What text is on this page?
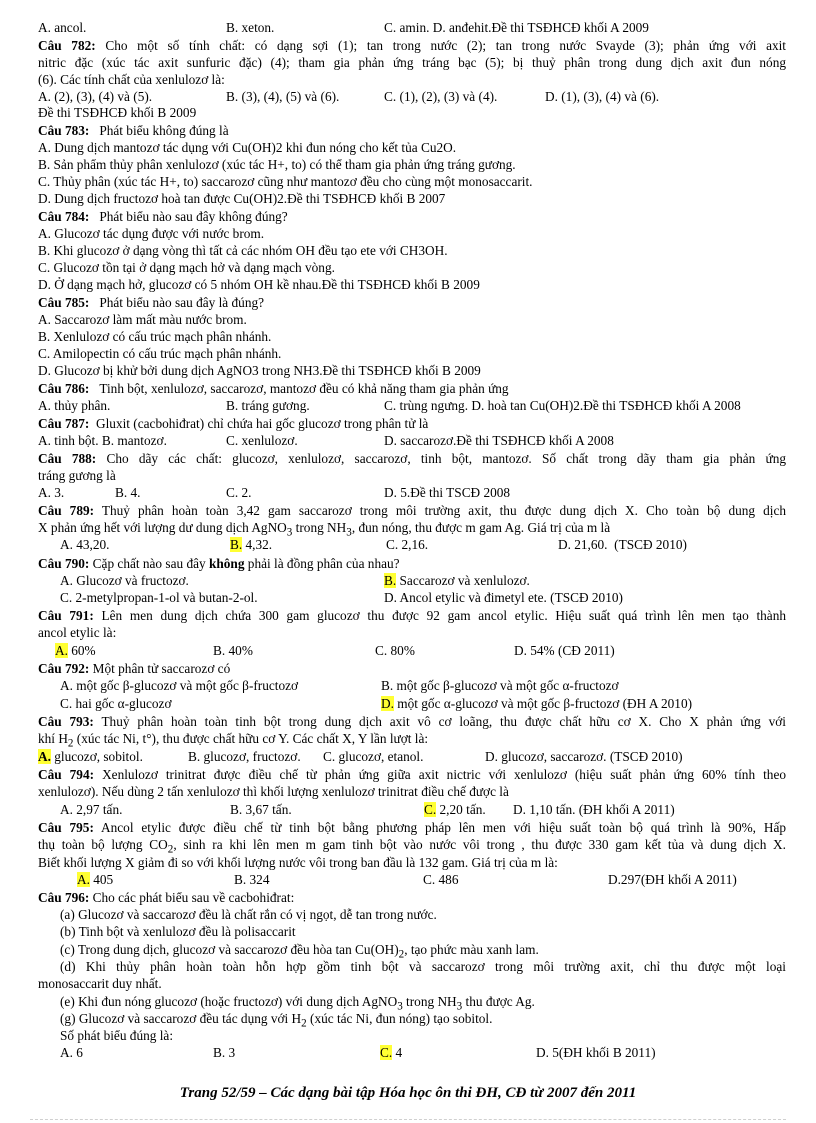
A. ancol.	B. xeton.	C. amin. D. anđehit.Đề thi TSĐHCĐ khối A 2009
Câu 782: Cho một số tính chất: có dạng sợi (1); tan trong nước (2); tan trong nước Svayde (3); phản ứng với axit
nitric đặc (xúc tác axit sunfuric đặc) (4); tham gia phản ứng tráng bạc (5); bị thuỷ phân trong dung dịch axit đun nóng
(6). Các tính chất của xenlulozơ là:
A. (2), (3), (4) và (5).	B. (3), (4), (5) và (6).	C. (1), (2), (3) và (4).	D. (1), (3), (4) và (6).
Đề thi TSĐHCĐ khối B 2009
Câu 783: Phát biểu không đúng là
A. Dung dịch mantozơ tác dụng với Cu(OH)2 khi đun nóng cho kết tủa Cu2O.
B. Sản phẩm thủy phân xenlulozơ (xúc tác H+, to) có thể tham gia phản ứng tráng gương.
C. Thủy phân (xúc tác H+, to) saccarozơ cũng như mantozơ đều cho cùng một monosaccarit.
D. Dung dịch fructozơ hoà tan được Cu(OH)2.Đề thi TSĐHCĐ khối B 2007
Câu 784: Phát biểu nào sau đây không đúng?
A. Glucozơ tác dụng được với nước brom.
B. Khi glucozơ ở dạng vòng thì tất cả các nhóm OH đều tạo ete với CH3OH.
C. Glucozơ tồn tại ở dạng mạch hở và dạng mạch vòng.
D. Ở dạng mạch hở, glucozơ có 5 nhóm OH kề nhau.Đề thi TSĐHCĐ khối B 2009
Câu 785: Phát biểu nào sau đây là đúng?
A. Saccarozơ làm mất màu nước brom.
B. Xenlulozơ có cấu trúc mạch phân nhánh.
C. Amilopectin có cấu trúc mạch phân nhánh.
D. Glucozơ bị khử bởi dung dịch AgNO3 trong NH3.Đề thi TSĐHCĐ khối B 2009
Câu 786: Tinh bột, xenlulozơ, saccarozơ, mantozơ đều có khả năng tham gia phản ứng
A. thủy phân.	B. tráng gương.	C. trùng ngưng. D. hoà tan Cu(OH)2.Đề thi TSĐHCĐ khối A 2008
Câu 787: Gluxit (cacbohiđrat) chỉ chứa hai gốc glucozơ trong phân tử là
A. tinh bột. B. mantozơ.	C. xenlulozơ.	D. saccarozơ.Đề thi TSĐHCĐ khối A 2008
Câu 788: Cho dãy các chất: glucozơ, xenlulozơ, saccarozơ, tinh bột, mantozơ. Số chất trong dãy tham gia phản ứng
tráng gương là
A. 3.	B. 4.	C. 2.	D. 5.Đề thi TSCĐ 2008
Câu 789: Thuỷ phân hoàn toàn 3,42 gam saccarozơ trong môi trường axit, thu được dung dịch X. Cho toàn bộ dung dịch
X phản ứng hết với lượng dư dung dịch AgNO$_3$ trong $NH_3$, đun nóng, thu được m gam Ag. Giá trị của m là
A. 43,20.	B. 4,32.	C. 2,16.	D. 21,60. (TSCĐ 2010)
Câu 790: Cặp chất nào sau đây không phải là đồng phân của nhau?
A. Glucozơ và fructozơ.	B. Saccarozơ và xenlulozơ.
C. 2-metylpropan-1-ol và butan-2-ol.	D. Ancol etylic và đimetyl ete. (TSCĐ 2010)
Câu 791: Lên men dung dịch chứa 300 gam glucozơ thu được 92 gam ancol etylic. Hiệu suất quá trình lên men tạo thành
ancol etylic là:
A. 60%	B. 40%	C. 80%	D. 54% (CĐ 2011)
Câu 792: Một phân tử saccarozơ có
A. một gốc β-glucozơ và một gốc β-fructozơ	B. một gốc β-glucozơ và một gốc α-fructozơ
C. hai gốc α-glucozơ	D. một gốc α-glucozơ và một gốc β-fructozơ (ĐH A 2010)
Câu 793: Thuỷ phân hoàn toàn tinh bột trong dung dịch axit vô cơ loãng, thu được chất hữu cơ X. Cho X phản ứng với
khí $H_2$ (xúc tác Ni, t°), thu được chất hữu cơ Y. Các chất X, Y lần lượt là:
A. glucozơ, sobitol.	B. glucozơ, fructozơ. C. glucozơ, etanol.	D. glucozơ, saccarozơ. (TSCĐ 2010)
Câu 794: Xenlulozơ trinitrat được điều chế từ phản ứng giữa axit nictric với xenlulozơ (hiệu suất phản ứng 60% tính theo
xenlulozơ). Nếu dùng 2 tấn xenlulozơ thì khối lượng xenlulozơ trinitrat điều chế được là
A. 2,97 tấn.	B. 3,67 tấn.	C. 2,20 tấn. D. 1,10 tấn. (ĐH khối A 2011)
Câu 795: Ancol etylic được điều chế từ tinh bột bằng phương pháp lên men với hiệu suất toàn bộ quá trình là 90%, Hấp
thụ toàn bộ lượng $CO_2$, sinh ra khi lên men m gam tinh bột vào nước vôi trong , thu được 330 gam kết tủa và dung dịch X.
Biết khối lượng X giảm đi so với khối lượng nước vôi trong ban đầu là 132 gam. Giá trị của m là:
A. 405	B. 324	C. 486	D.297(ĐH khối A 2011)
Câu 796: Cho các phát biểu sau về cacbohiđrat:
(a) Glucozơ và saccarozơ đều là chất rắn có vị ngọt, dễ tan trong nước.
(b) Tinh bột và xenlulozơ đều là polisaccarit
(c) Trong dung dịch, glucozơ và saccarozơ đều hòa $\tan Cu(OH)_2$, tạo phức màu xanh lam.
(d) Khi thủy phân hoàn toàn hỗn hợp gồm tinh bột và saccarozơ trong môi trường axit, chỉ thu được một loại
monosaccarit duy nhất.
(e) Khi đun nóng glucozơ (hoặc fructozơ) với dung dịch AgNO$_3$ trong $NH_3$ thu được Ag.
(g) Glucozơ và saccarozơ đều tác dụng với $H_2$ (xúc tác Ni, đun nóng) tạo sobitol.
Số phát biểu đúng là:
A. 6	B. 3	C. 4	D. 5(ĐH khối B 2011)
Trang 52/59 – Các dạng bài tập Hóa học ôn thi ĐH, CĐ từ 2007 đến 2011
